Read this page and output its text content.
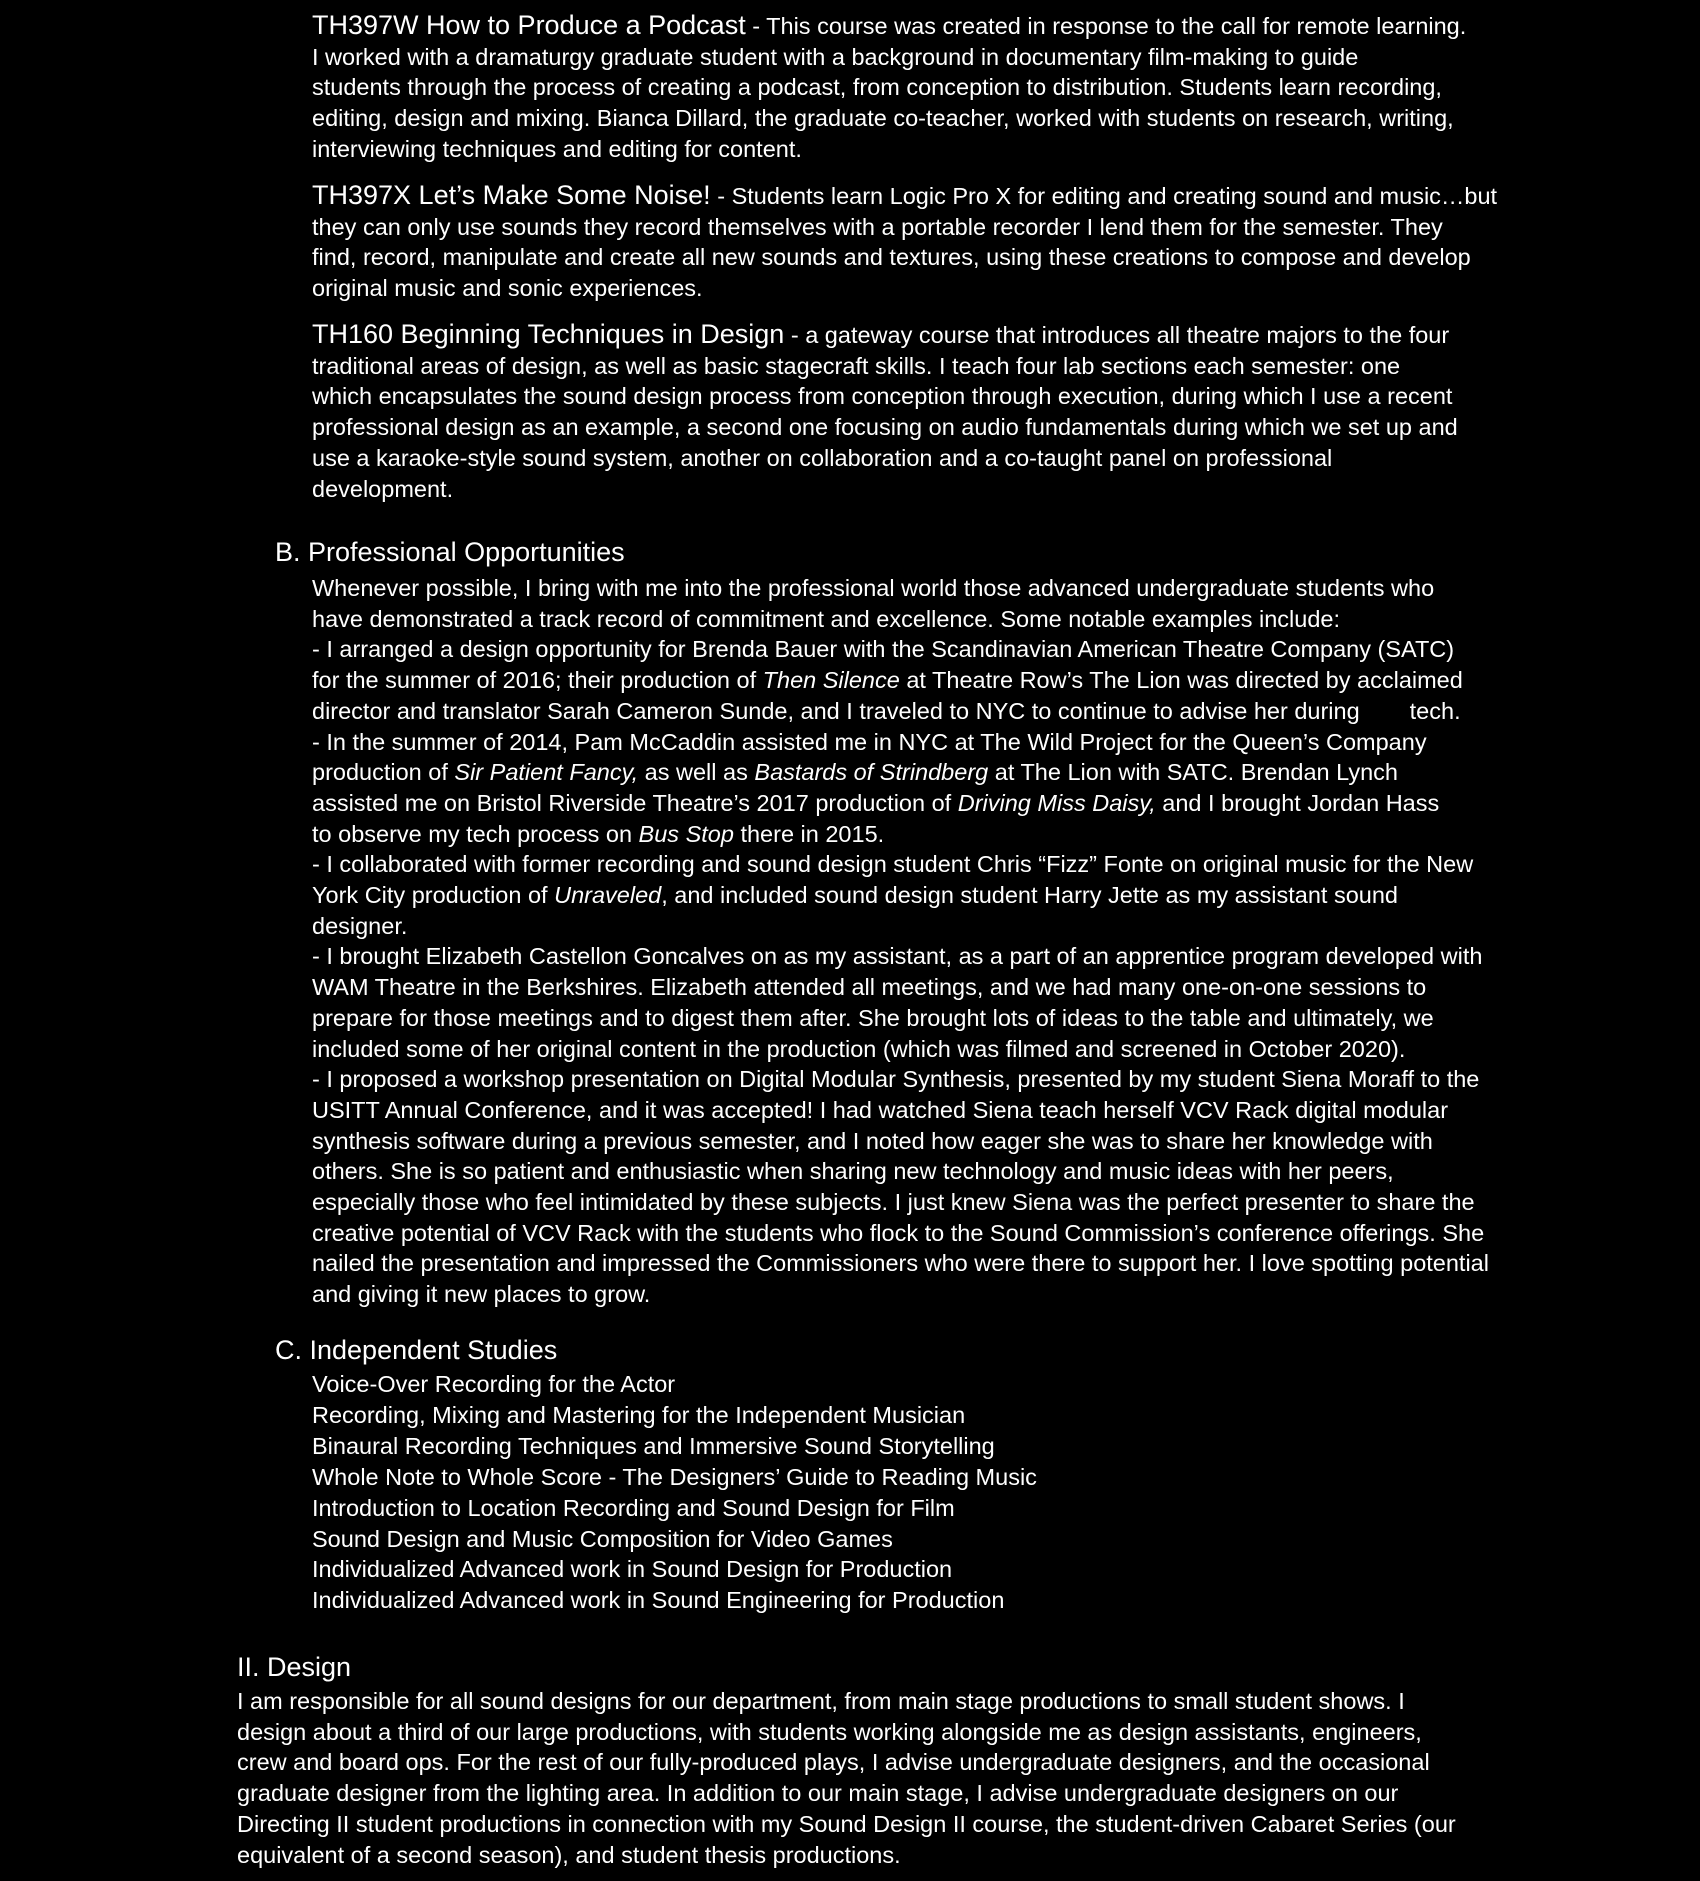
TH397W How to Produce a Podcast - This course was created in response to the call for remote learning.
I worked with a dramaturgy graduate student with a background in documentary film-making to guide
students through the process of creating a podcast, from conception to distribution. Students learn recording,
editing, design and mixing. Bianca Dillard, the graduate co-teacher, worked with students on research, writing,
interviewing techniques and editing for content.
TH397X Let’s Make Some Noise! - Students learn Logic Pro X for editing and creating sound and music…but
they can only use sounds they record themselves with a portable recorder I lend them for the semester. They
find, record, manipulate and create all new sounds and textures, using these creations to compose and develop
original music and sonic experiences.
TH160 Beginning Techniques in Design - a gateway course that introduces all theatre majors to the four
traditional areas of design, as well as basic stagecraft skills. I teach four lab sections each semester: one
which encapsulates the sound design process from conception through execution, during which I use a recent
professional design as an example, a second one focusing on audio fundamentals during which we set up and
use a karaoke-style sound system, another on collaboration and a co-taught panel on professional
development.
B. Professional Opportunities
Whenever possible, I bring with me into the professional world those advanced undergraduate students who
have demonstrated a track record of commitment and excellence. Some notable examples include:
- I arranged a design opportunity for Brenda Bauer with the Scandinavian American Theatre Company (SATC)
for the summer of 2016; their production of Then Silence at Theatre Row’s The Lion was directed by acclaimed
director and translator Sarah Cameron Sunde, and I traveled to NYC to continue to advise her during tech.
- In the summer of 2014, Pam McCaddin assisted me in NYC at The Wild Project for the Queen’s Company
production of Sir Patient Fancy, as well as Bastards of Strindberg at The Lion with SATC. Brendan Lynch
assisted me on Bristol Riverside Theatre’s 2017 production of Driving Miss Daisy, and I brought Jordan Hass
to observe my tech process on Bus Stop there in 2015.
- I collaborated with former recording and sound design student Chris “Fizz” Fonte on original music for the New
York City production of Unraveled, and included sound design student Harry Jette as my assistant sound
designer.
- I brought Elizabeth Castellon Goncalves on as my assistant, as a part of an apprentice program developed with
WAM Theatre in the Berkshires. Elizabeth attended all meetings, and we had many one-on-one sessions to
prepare for those meetings and to digest them after. She brought lots of ideas to the table and ultimately, we
included some of her original content in the production (which was filmed and screened in October 2020).
- I proposed a workshop presentation on Digital Modular Synthesis, presented by my student Siena Moraff to the
USITT Annual Conference, and it was accepted! I had watched Siena teach herself VCV Rack digital modular
synthesis software during a previous semester, and I noted how eager she was to share her knowledge with
others. She is so patient and enthusiastic when sharing new technology and music ideas with her peers,
especially those who feel intimidated by these subjects. I just knew Siena was the perfect presenter to share the
creative potential of VCV Rack with the students who flock to the Sound Commission’s conference offerings. She
nailed the presentation and impressed the Commissioners who were there to support her. I love spotting potential
and giving it new places to grow.
C. Independent Studies
Voice-Over Recording for the Actor
Recording, Mixing and Mastering for the Independent Musician
Binaural Recording Techniques and Immersive Sound Storytelling
Whole Note to Whole Score - The Designers’ Guide to Reading Music
Introduction to Location Recording and Sound Design for Film
Sound Design and Music Composition for Video Games
Individualized Advanced work in Sound Design for Production
Individualized Advanced work in Sound Engineering for Production
II. Design
I am responsible for all sound designs for our department, from main stage productions to small student shows. I
design about a third of our large productions, with students working alongside me as design assistants, engineers,
crew and board ops. For the rest of our fully-produced plays, I advise undergraduate designers, and the occasional
graduate designer from the lighting area. In addition to our main stage, I advise undergraduate designers on our
Directing II student productions in connection with my Sound Design II course, the student-driven Cabaret Series (our
equivalent of a second season), and student thesis productions.
